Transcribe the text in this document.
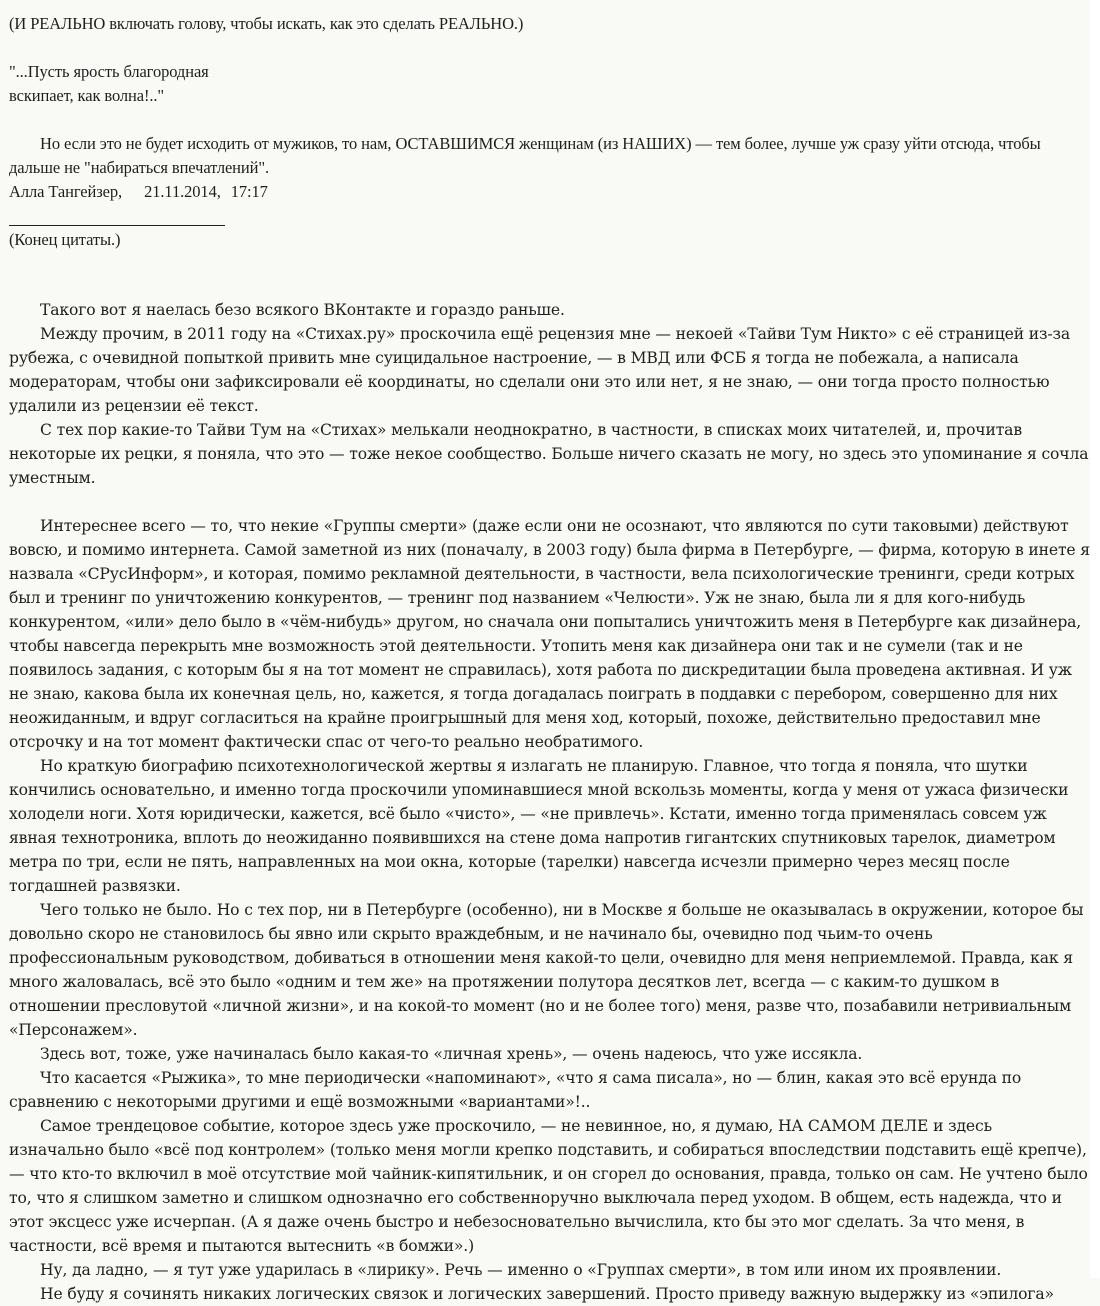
(И РЕАЛЬНО включать голову, чтобы искать, как это сделать РЕАЛЬНО.)
"...Пусть ярость благородная
вскипает, как волна!.."
Но если это не будет исходить от мужиков, то нам, ОСТАВШИМСЯ женщинам (из НАШИХ) — тем более, лучше уж сразу уйти отсюда, чтобы дальше не "набираться впечатлений".
Алла Тангейзер, 21.11.2014, 17:17
(Конец цитаты.)

Такого вот я наелась безо всякого ВКонтакте и гораздо раньше.

Между прочим, в 2011 году на «Стихах.ру» проскочила ещё рецензия мне — некоей «Тайви Тум Никто» с её страницей из-за рубежа, с очевидной попыткой привить мне суицидальное настроение, — в МВД или ФСБ я тогда не побежала, а написала модераторам, чтобы они зафиксировали её координаты, но сделали они это или нет, я не знаю, — они тогда просто полностью удалили из рецензии её текст.

С тех пор какие-то Тайви Тум на «Стихах» мелькали неоднократно, в частности, в списках моих читателей, и, прочитав некоторые их рецки, я поняла, что это — тоже некое сообщество. Больше ничего сказать не могу, но здесь это упоминание я сочла уместным.

Интереснее всего — то, что некие «Группы смерти» (даже если они не осознают, что являются по сути таковыми) действуют вовсю, и помимо интернета. Самой заметной из них (поначалу, в 2003 году) была фирма в Петербурге, — фирма, которую в инете я назвала «СРусИнформ», и которая, помимо рекламной деятельности, в частности, вела психологические тренинги, среди котрых был и тренинг по уничтожению конкурентов, — тренинг под названием «Челюсти». Уж не знаю, была ли я для кого-нибудь конкурентом, «или» дело было в «чём-нибудь» другом, но сначала они попытались уничтожить меня в Петербурге как дизайнера, чтобы навсегда перекрыть мне возможность этой деятельности. Утопить меня как дизайнера они так и не сумели (так и не появилось задания, с которым бы я на тот момент не справилась), хотя работа по дискредитации была проведена активная. И уж не знаю, какова была их конечная цель, но, кажется, я тогда догадалась поиграть в поддавки с перебором, совершенно для них неожиданным, и вдруг согласиться на крайне проигрышный для меня ход, который, похоже, действительно предоставил мне отсрочку и на тот момент фактически спас от чего-то реально необратимого.

Но краткую биографию психотехнологической жертвы я излагать не планирую. Главное, что тогда я поняла, что шутки кончились основательно, и именно тогда проскочили упоминавшиеся мной вскользь моменты, когда у меня от ужаса физически холодели ноги. Хотя юридически, кажется, всё было «чисто», — «не привлечь». Кстати, именно тогда применялась совсем уж явная технотроника, вплоть до неожиданно появившихся на стене дома напротив гигантских спутниковых тарелок, диаметром метра по три, если не пять, направленных на мои окна, которые (тарелки) навсегда исчезли примерно через месяц после тогдашней развязки.

Чего только не было. Но с тех пор, ни в Петербурге (особенно), ни в Москве я больше не оказывалась в окружении, которое бы довольно скоро не становилось бы явно или скрыто враждебным, и не начинало бы, очевидно под чьим-то очень профессиональным руководством, добиваться в отношении меня какой-то цели, очевидно для меня неприемлемой. Правда, как я много жаловалась, всё это было «одним и тем же» на протяжении полутора десятков лет, всегда — с каким-то душком в отношении пресловутой «личной жизни», и на кокой-то момент (но и не более того) меня, разве что, позабавили нетривиальным «Персонажем».

Здесь вот, тоже, уже начиналась было какая-то «личная хрень», — очень надеюсь, что уже иссякла.

Что касается «Рыжика», то мне периодически «напоминают», «что я сама писала», но — блин, какая это всё ерунда по сравнению с некоторыми другими и ещё возможными «вариантами»!..

Самое трендецовое событие, которое здесь уже проскочило, — не невинное, но, я думаю, НА САМОМ ДЕЛЕ и здесь изначально было «всё под контролем» (только меня могли крепко подставить, и собираться впоследствии подставить ещё крепче), — что кто-то включил в моё отсутствие мой чайник-кипятильник, и он сгорел до основания, правда, только он сам. Не учтено было то, что я слишком заметно и слишком однозначно его собственноручно выключала перед уходом. В общем, есть надежда, что и этот эксцесс уже исчерпан. (А я даже очень быстро и небезосновательно вычислила, кто бы это мог сделать. За что меня, в частности, всё время и пытаются вытеснить «в бомжи».)

Ну, да ладно, — я тут уже ударилась в «лирику». Речь — именно о «Группах смерти», в том или ином их проявлении.

Не буду я сочинять никаких логических связок и логических завершений. Просто приведу важную выдержку из «эпилога»
